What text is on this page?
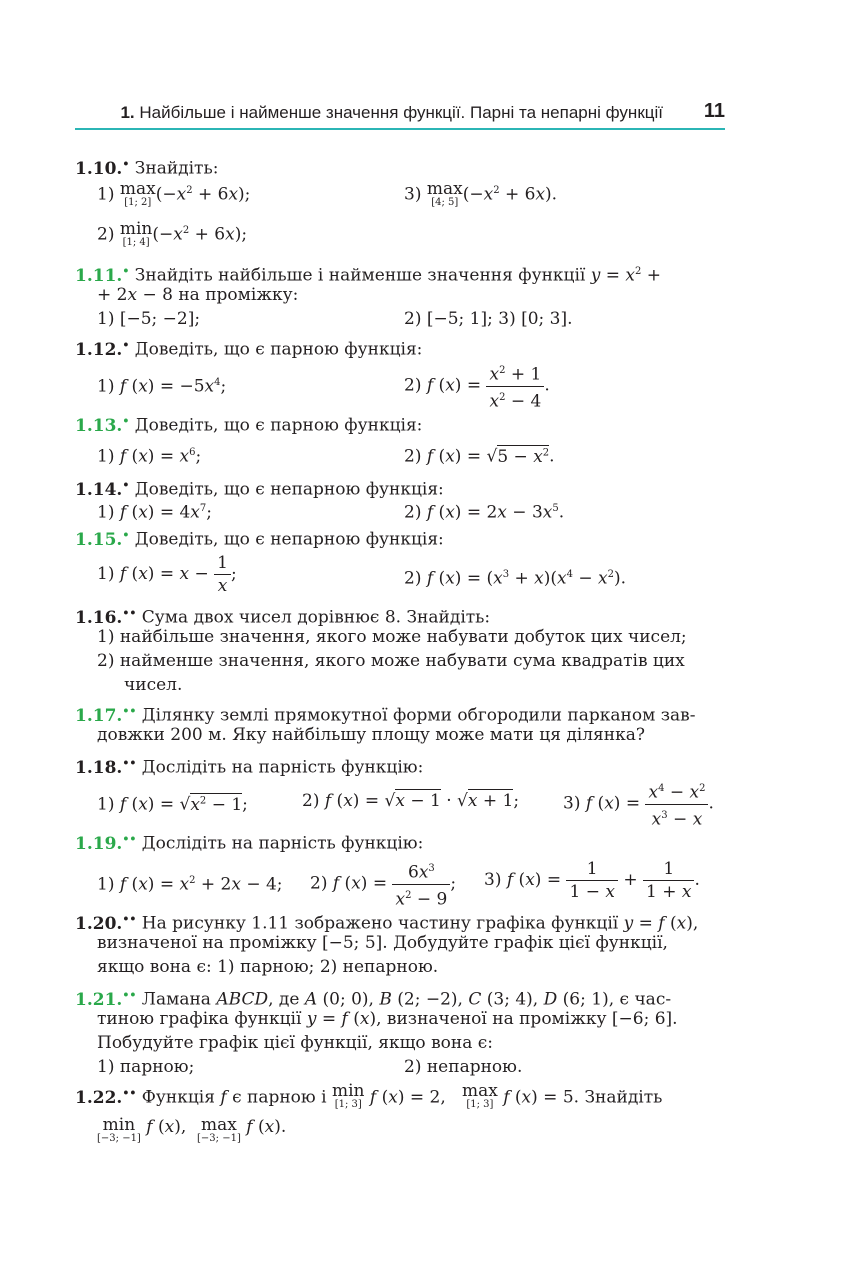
1. Найбільше і найменше значення функції. Парні та непарні функції 11
1.10.• Знайдіть:
1) max
[1; 2] $(-x^2 + 6x)$;	3) max
[4; 5] $(-x^2 + 6x)$.
2) min
[1; 4] $(-x^2 + 6x)$;
1.11.• Знайдіть найбільше і найменше значення функції $y = x^2$ +
+ 2x − 8 на проміжку:
1) [−5; −2];	2) [−5; 1]; 3) [0; 3].
1.12.• Доведіть, що є парною функція:
1) f $(x) = -5x^4$;	2) f $(x) = \frac{x^2 + 1}{x^2 - 4}$ .
1.13.• Доведіть, що є парною функція:
1) f $(x) = x^6$;	2) f $(x) = √5 - x^2$.
1.14.• Доведіть, що є непарною функція:
1) f $(x) = 4x^7$;	2) f $(x) = 2x - 3x^5$.
1.15.• Доведіть, що є непарною функція:
1) f $(x) = x - \frac{1}{x}$ ;	2) f $(x) = (x^3 + x)(x^4 - x^2)$.
1.16.•• Сума двох чисел дорівнює 8. Знайдіть:
1) найбільше значення, якого може набувати добуток цих чисел;
2) найменше значення, якого може набувати сума квадратів цих
чисел.
1.17.•• Ділянку землі прямокутної форми обгородили парканом зав-
довжки 200 м. Яку найбільшу площу може мати ця ділянка?
1.18.•• Дослідіть на парність функцію:
1) f $(x) = √x^2 - 1$;	2) f (x) = √x − 1 · √x + 1;	3) f $(x) = \frac{x^4 - x^2}{x^3 - x}$ .
1.19.•• Дослідіть на парність функцію:
1) f $(x) = x^2 + 2x - 4$; 2) f $(x) = \frac{6x^3}{x^2 - 9}$ ; 3) f $(x) = \frac{1}{1 - x} + \frac{1}{1 + x}$ .
1.20.•• На рисунку 1.11 зображено частину графіка функції y = f (x),
визначеної на проміжку [−5; 5]. Добудуйте графік цієї функції,
якщо вона є: 1) парною; 2) непарною.
1.21.•• Ламана ABCD, де A (0; 0), B (2; −2), C (3; 4), D (6; 1), є час-
тиною графіка функції y = f (x), визначеної на проміжку [−6; 6].
Побудуйте графік цієї функції, якщо вона є:
1) парною;	2) непарною.
1.22.•• Функція f є парною і min
[1; 3] f (x) = 2,   max
[1; 3] f (x) = 5. Знайдіть
min
[−3; −1]
f (x),  max
[−3; −1]
f (x).
